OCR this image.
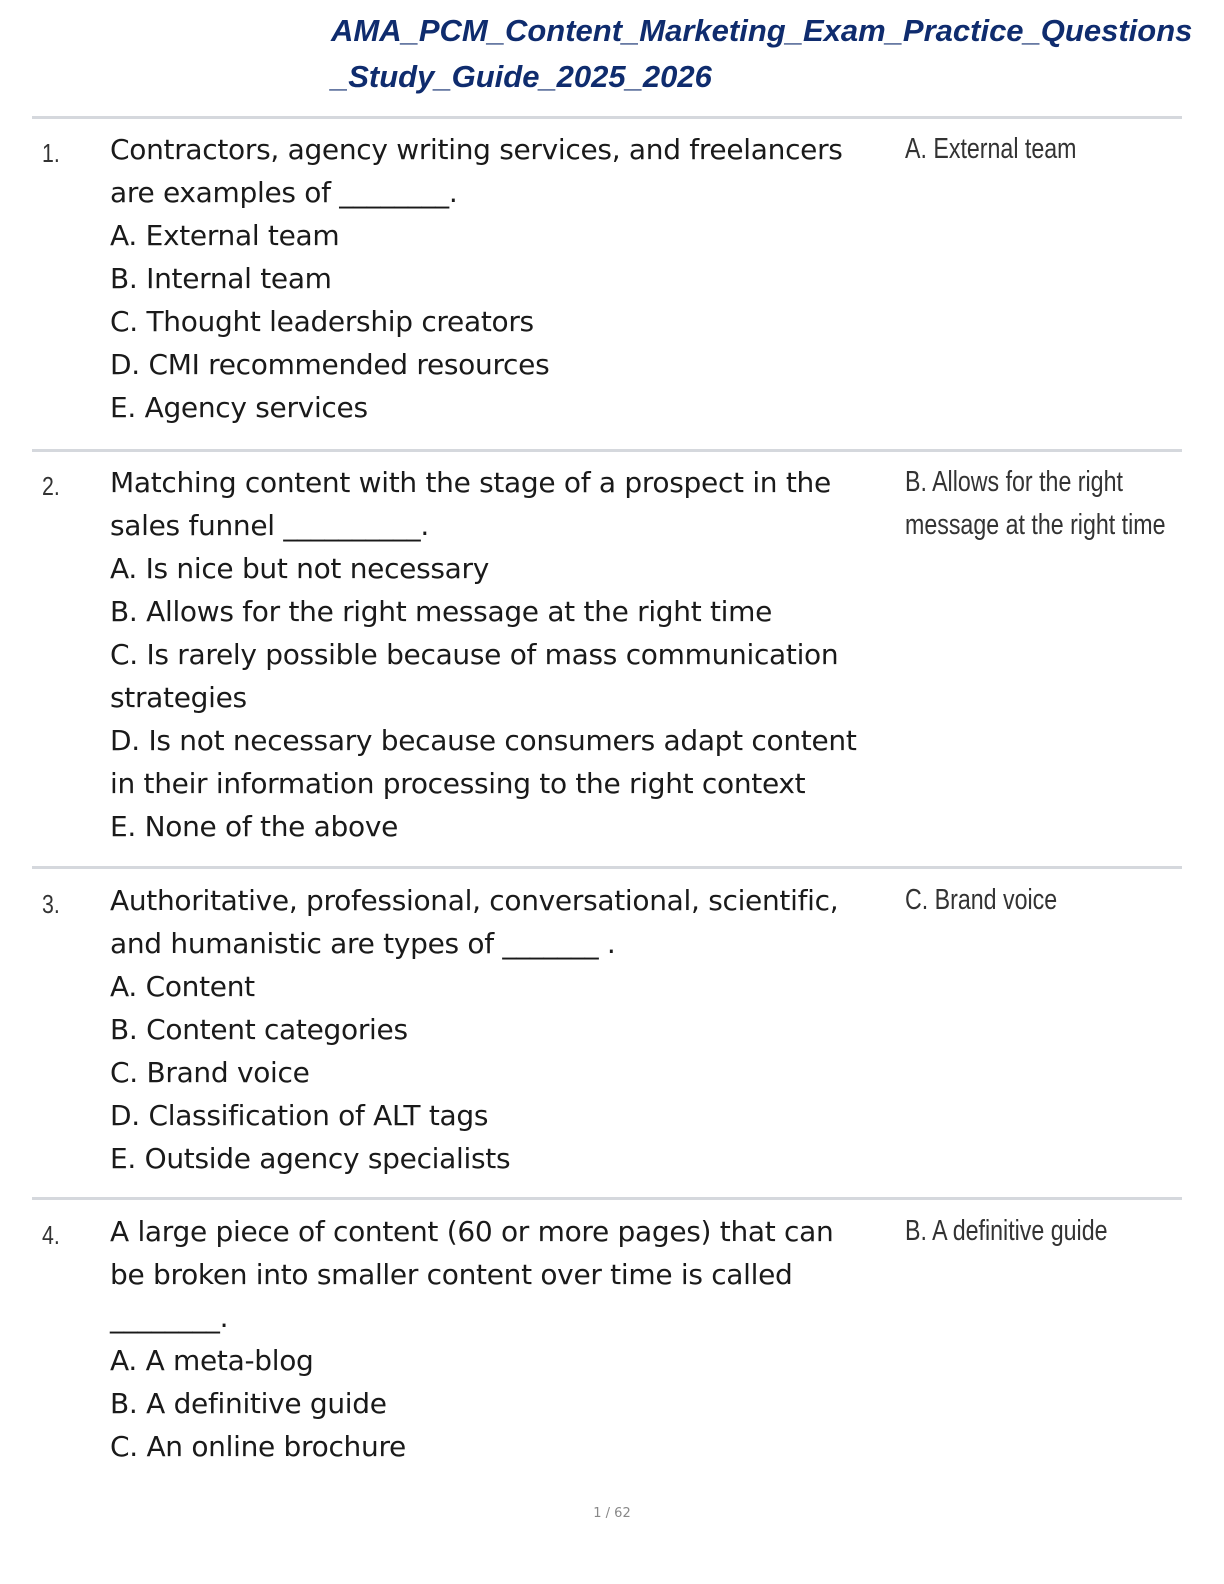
AMA_PCM_Content_Marketing_Exam_Practice_Questions_Study_Guide_2025_2026
1. Contractors, agency writing services, and freelancers
are examples of ________.
A. External team
B. Internal team
C. Thought leadership creators
D. CMI recommended resources
E. Agency services
A. External team
2. Matching content with the stage of a prospect in the
sales funnel __________.
A. Is nice but not necessary
B. Allows for the right message at the right time
C. Is rarely possible because of mass communication
strategies
D. Is not necessary because consumers adapt content
in their information processing to the right context
E. None of the above
B. Allows for the right
message at the right time
3. Authoritative, professional, conversational, scientific,
and humanistic are types of _______ .
A. Content
B. Content categories
C. Brand voice
D. Classification of ALT tags
E. Outside agency specialists
C. Brand voice
4. A large piece of content (60 or more pages) that can
be broken into smaller content over time is called
________.
A. A meta-blog
B. A definitive guide
C. An online brochure
B. A definitive guide
1 / 62
